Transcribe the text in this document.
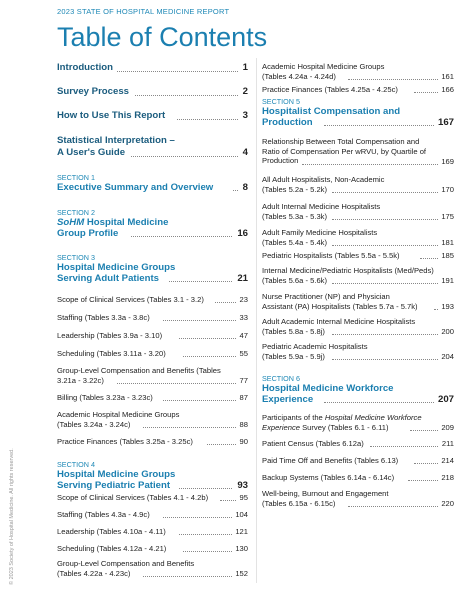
2023 STATE OF HOSPITAL MEDICINE REPORT
Table of Contents
© 2023 Society of Hospital Medicine. All rights reserved.
Introduction	1
Survey Process	2
How to Use This Report	3
Statistical Interpretation –
A User's Guide	4
SECTION 1
Executive Summary and Overview	8
SECTION 2
SoHM Hospital Medicine
Group Profile	16
SECTION 3
Hospital Medicine Groups
Serving Adult Patients	21
Scope of Clinical Services (Tables 3.1 - 3.2)	23
Staffing (Tables 3.3a - 3.8c)	33
Leadership (Tables 3.9a - 3.10)	47
Scheduling (Tables 3.11a - 3.20)	55
Group-Level Compensation and Benefits (Tables
3.21a - 3.22c)	77
Billing (Tables 3.23a - 3.23c)	87
Academic Hospital Medicine Groups
(Tables 3.24a - 3.24c)	88
Practice Finances (Tables 3.25a - 3.25c)	90
SECTION 4
Hospital Medicine Groups
Serving Pediatric Patient	93
Scope of Clinical Services (Tables 4.1 - 4.2b)	95
Staffing (Tables 4.3a - 4.9c)	104
Leadership (Tables 4.10a - 4.11)	121
Scheduling (Tables 4.12a - 4.21)	130
Group-Level Compensation and Benefits
(Tables 4.22a - 4.23c)	152
Academic Hospital Medicine Groups
(Tables 4.24a - 4.24d)	161
Practice Finances (Tables 4.25a - 4.25c)	166
SECTION 5
Hospitalist Compensation and
Production	167
Relationship Between Total Compensation and
Ratio of Compensation Per wRVU, by Quartile of
Production	169
All Adult Hospitalists, Non-Academic
(Tables 5.2a - 5.2k)	170
Adult Internal Medicine Hospitalists
(Tables 5.3a - 5.3k)	175
Adult Family Medicine Hospitalists
(Tables 5.4a - 5.4k)	181
Pediatric Hospitalists (Tables 5.5a - 5.5k)	185
Internal Medicine/Pediatric Hospitalists (Med/Peds)
(Tables 5.6a - 5.6k)	191
Nurse Practitioner (NP) and Physician
Assistant (PA) Hospitalists (Tables 5.7a - 5.7k)	193
Adult Academic Internal Medicine Hospitalists
(Tables 5.8a - 5.8j)	200
Pediatric Academic Hospitalists
(Tables 5.9a - 5.9j)	204
SECTION 6
Hospital Medicine Workforce
Experience	207
Participants of the Hospital Medicine Workforce
Experience Survey (Tables 6.1 - 6.11)	209
Patient Census (Tables 6.12a)	211
Paid Time Off and Benefits (Tables 6.13)	214
Backup Systems (Tables 6.14a - 6.14c)	218
Well-being, Burnout and Engagement
(Tables 6.15a - 6.15c)	220
